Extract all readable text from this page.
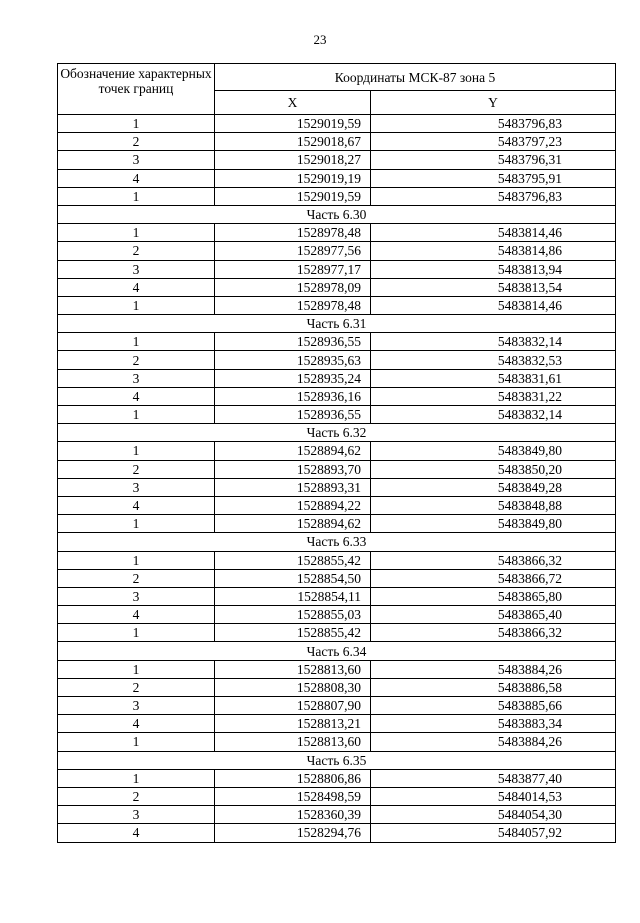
23
Обозначение характерных точек границ	Координаты МСК-87 зона 5	
	X	Y
1	1529019,59	5483796,83
2	1529018,67	5483797,23
3	1529018,27	5483796,31
4	1529019,19	5483795,91
1	1529019,59	5483796,83
Часть 6.30		
1	1528978,48	5483814,46
2	1528977,56	5483814,86
3	1528977,17	5483813,94
4	1528978,09	5483813,54
1	1528978,48	5483814,46
Часть 6.31		
1	1528936,55	5483832,14
2	1528935,63	5483832,53
3	1528935,24	5483831,61
4	1528936,16	5483831,22
1	1528936,55	5483832,14
Часть 6.32		
1	1528894,62	5483849,80
2	1528893,70	5483850,20
3	1528893,31	5483849,28
4	1528894,22	5483848,88
1	1528894,62	5483849,80
Часть 6.33		
1	1528855,42	5483866,32
2	1528854,50	5483866,72
3	1528854,11	5483865,80
4	1528855,03	5483865,40
1	1528855,42	5483866,32
Часть 6.34		
1	1528813,60	5483884,26
2	1528808,30	5483886,58
3	1528807,90	5483885,66
4	1528813,21	5483883,34
1	1528813,60	5483884,26
Часть 6.35		
1	1528806,86	5483877,40
2	1528498,59	5484014,53
3	1528360,39	5484054,30
4	1528294,76	5484057,92
